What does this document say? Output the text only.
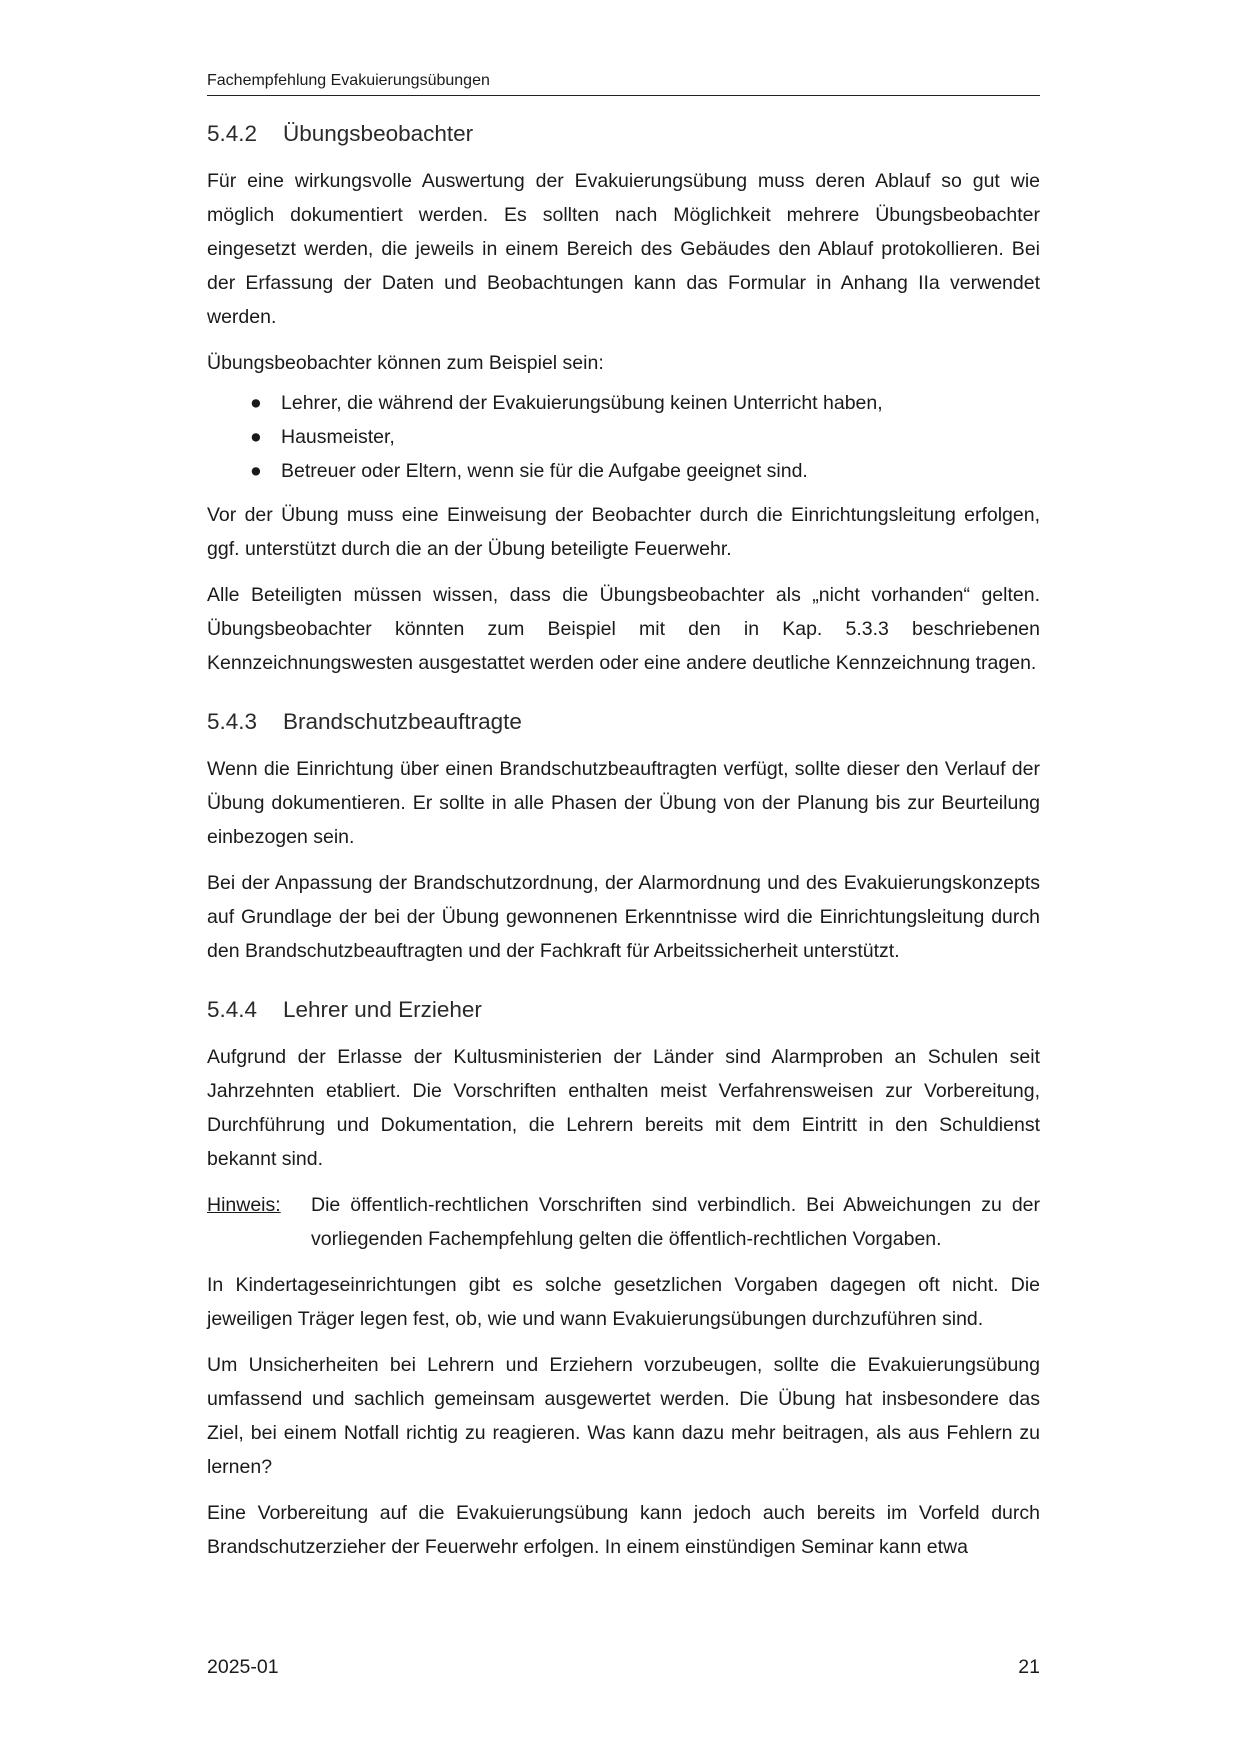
Fachempfehlung Evakuierungsübungen
5.4.2 Übungsbeobachter

Für eine wirkungsvolle Auswertung der Evakuierungsübung muss deren Ablauf so gut wie möglich dokumentiert werden. Es sollten nach Möglichkeit mehrere Übungsbeobachter eingesetzt werden, die jeweils in einem Bereich des Gebäudes den Ablauf protokollieren. Bei der Erfassung der Daten und Beobachtungen kann das Formular in Anhang IIa verwendet werden.

Übungsbeobachter können zum Beispiel sein:

● Lehrer, die während der Evakuierungsübung keinen Unterricht haben,
● Hausmeister,
● Betreuer oder Eltern, wenn sie für die Aufgabe geeignet sind.

Vor der Übung muss eine Einweisung der Beobachter durch die Einrichtungsleitung erfolgen, ggf. unterstützt durch die an der Übung beteiligte Feuerwehr.

Alle Beteiligten müssen wissen, dass die Übungsbeobachter als „nicht vorhanden“ gelten. Übungsbeobachter könnten zum Beispiel mit den in Kap. 5.3.3 beschriebenen Kennzeichnungswesten ausgestattet werden oder eine andere deutliche Kennzeichnung tragen.

5.4.3 Brandschutzbeauftragte

Wenn die Einrichtung über einen Brandschutzbeauftragten verfügt, sollte dieser den Verlauf der Übung dokumentieren. Er sollte in alle Phasen der Übung von der Planung bis zur Beurteilung einbezogen sein.

Bei der Anpassung der Brandschutzordnung, der Alarmordnung und des Evakuierungskonzepts auf Grundlage der bei der Übung gewonnenen Erkenntnisse wird die Einrichtungsleitung durch den Brandschutzbeauftragten und der Fachkraft für Arbeitssicherheit unterstützt.

5.4.4 Lehrer und Erzieher

Aufgrund der Erlasse der Kultusministerien der Länder sind Alarmproben an Schulen seit Jahrzehnten etabliert. Die Vorschriften enthalten meist Verfahrensweisen zur Vorbereitung, Durchführung und Dokumentation, die Lehrern bereits mit dem Eintritt in den Schuldienst bekannt sind.

Hinweis:	Die öffentlich-rechtlichen Vorschriften sind verbindlich. Bei Abweichungen zu der vorliegenden Fachempfehlung gelten die öffentlich-rechtlichen Vorgaben.

In Kindertageseinrichtungen gibt es solche gesetzlichen Vorgaben dagegen oft nicht. Die jeweiligen Träger legen fest, ob, wie und wann Evakuierungsübungen durchzuführen sind.

Um Unsicherheiten bei Lehrern und Erziehern vorzubeugen, sollte die Evakuierungsübung umfassend und sachlich gemeinsam ausgewertet werden. Die Übung hat insbesondere das Ziel, bei einem Notfall richtig zu reagieren. Was kann dazu mehr beitragen, als aus Fehlern zu lernen?

Eine Vorbereitung auf die Evakuierungsübung kann jedoch auch bereits im Vorfeld durch Brandschutzerzieher der Feuerwehr erfolgen. In einem einstündigen Seminar kann etwa

2025-01	21
